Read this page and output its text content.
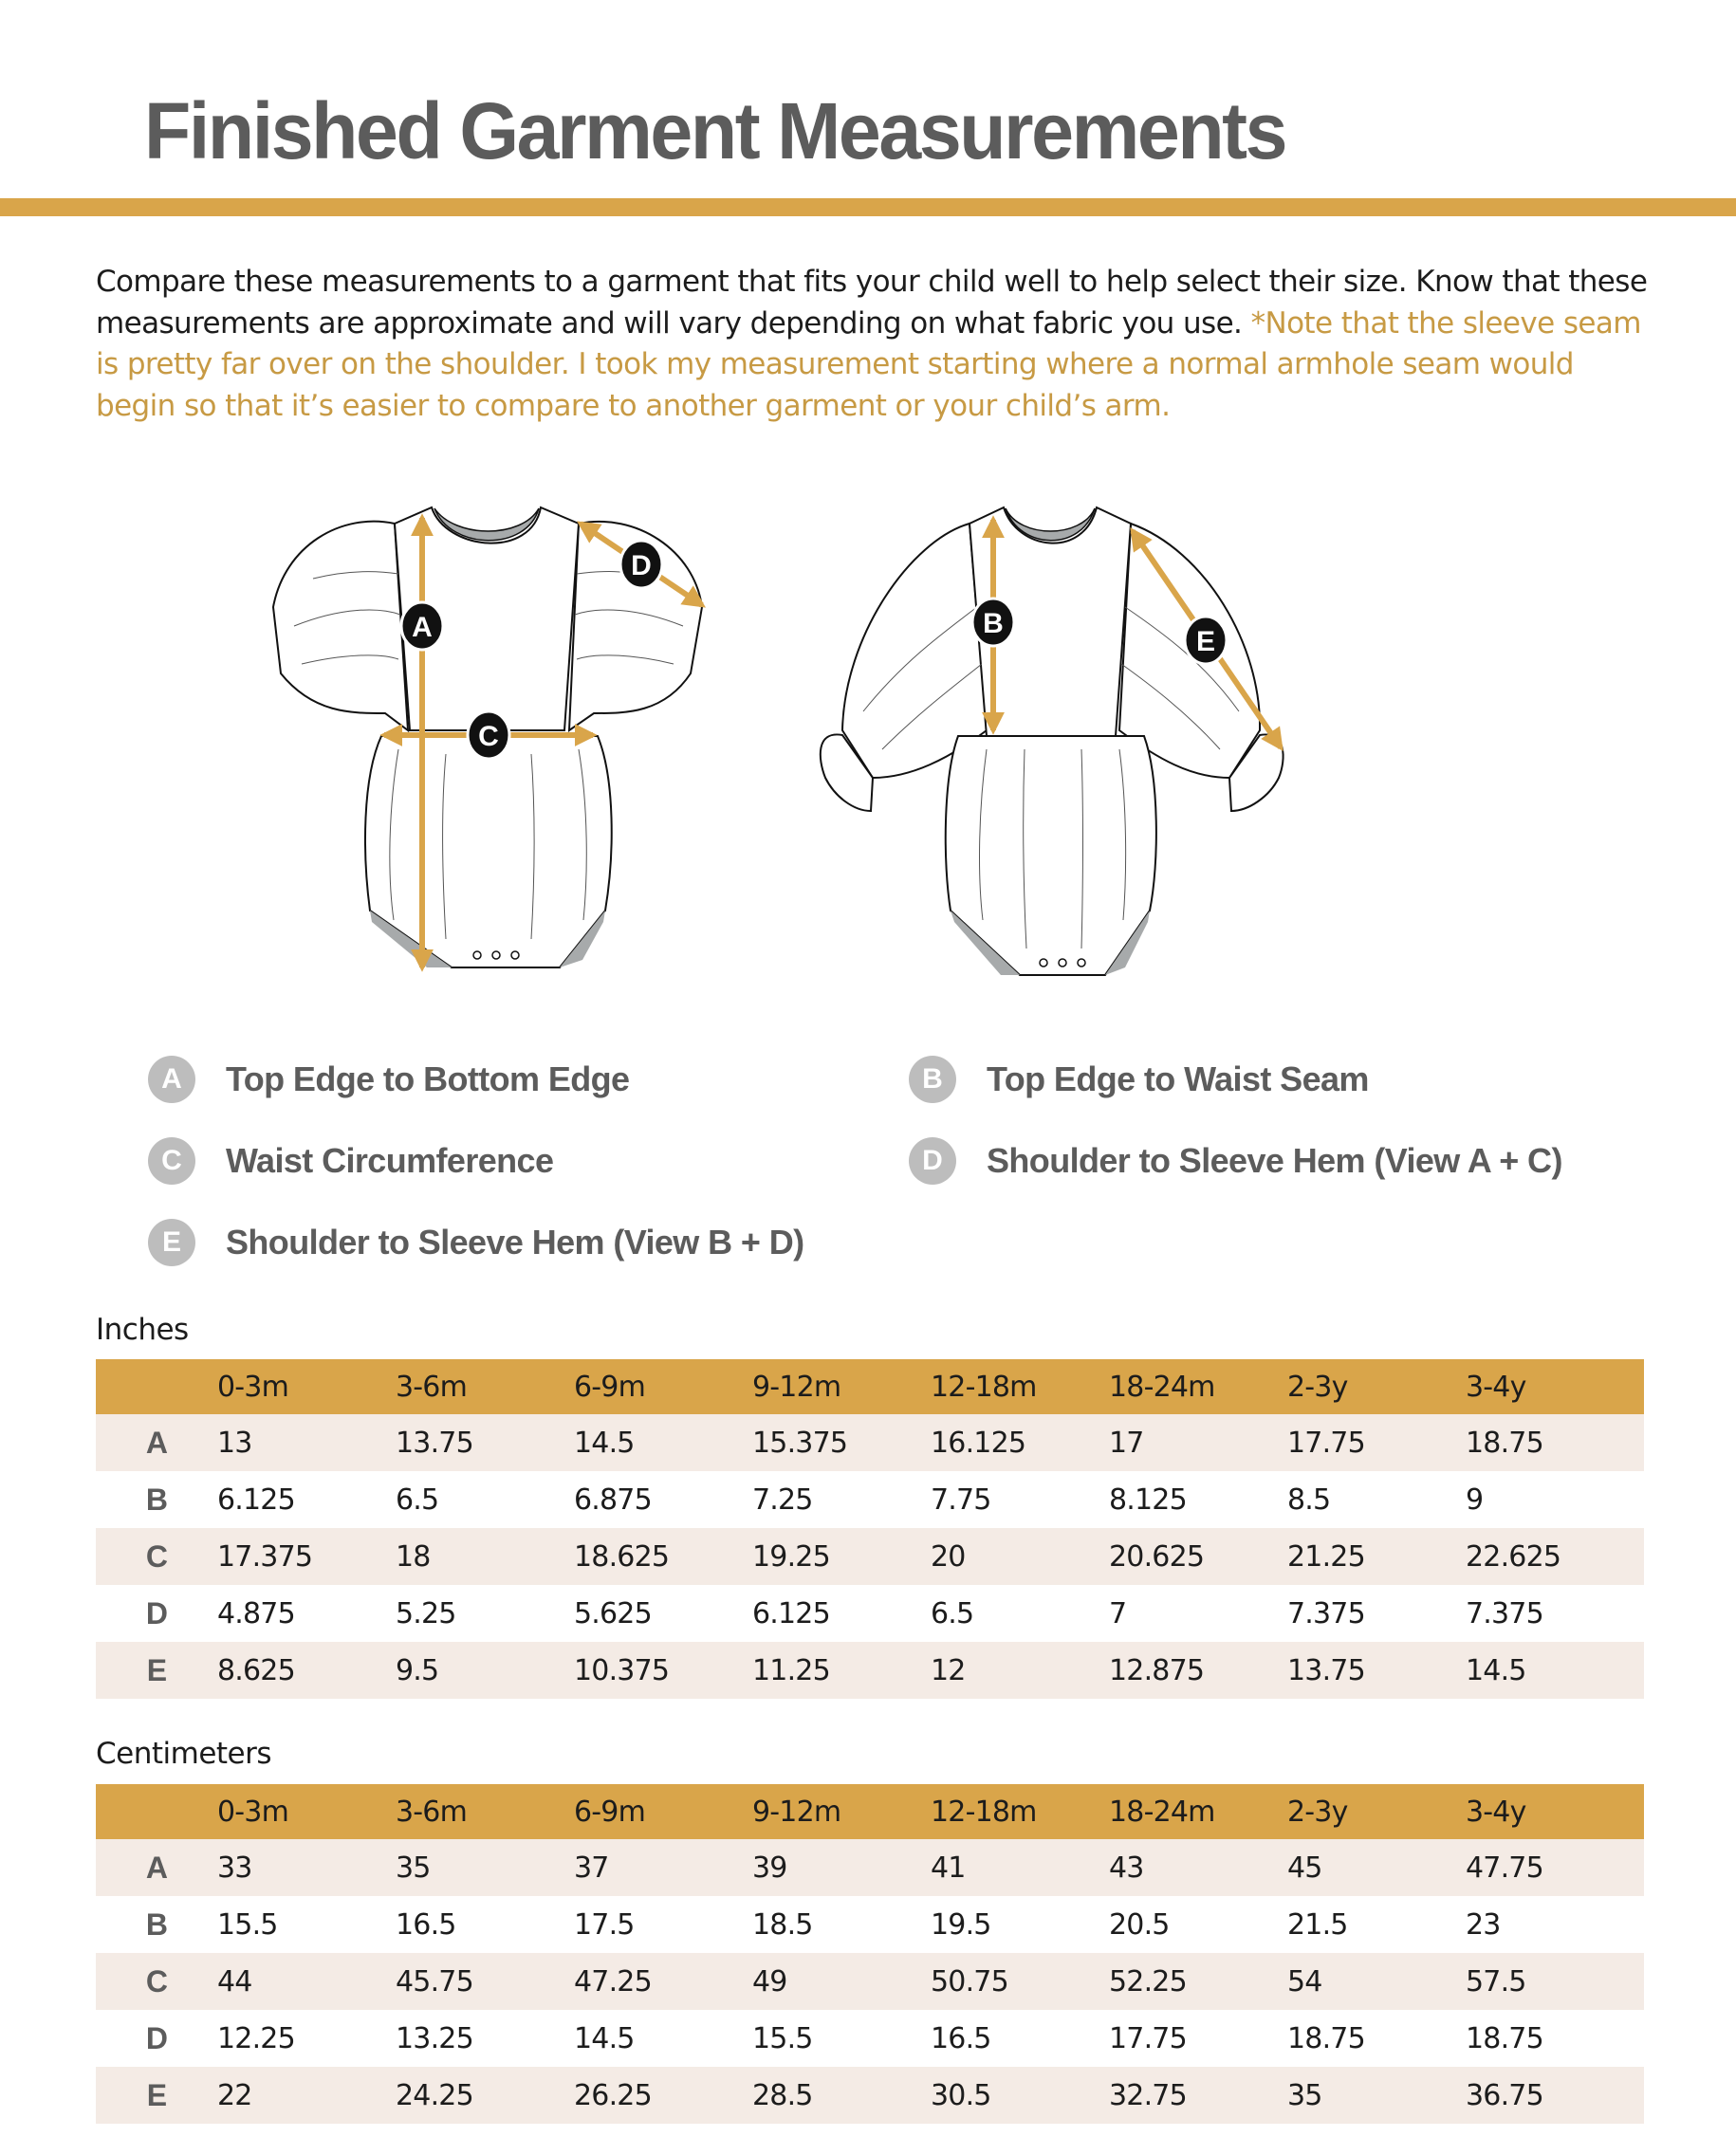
Finished Garment Measurements
Compare these measurements to a garment that fits your child well to help select their size. Know that these measurements are approximate and will vary depending on what fabric you use. *Note that the sleeve seam is pretty far over on the shoulder. I took my measurement starting where a normal armhole seam would begin so that it’s easier to compare to another garment or your child’s arm.
A
C
D
B
E
A	Top Edge to Bottom Edge	B	Top Edge to Waist Seam
C	Waist Circumference	D	Shoulder to Sleeve Hem (View A + C)
E	Shoulder to Sleeve Hem (View B + D)
Inches
	0-3m	3-6m	6-9m	9-12m	12-18m	18-24m	2-3y	3-4y
A	13	13.75	14.5	15.375	16.125	17	17.75	18.75
B	6.125	6.5	6.875	7.25	7.75	8.125	8.5	9
C	17.375	18	18.625	19.25	20	20.625	21.25	22.625
D	4.875	5.25	5.625	6.125	6.5	7	7.375	7.375
E	8.625	9.5	10.375	11.25	12	12.875	13.75	14.5
Centimeters
	0-3m	3-6m	6-9m	9-12m	12-18m	18-24m	2-3y	3-4y
A	33	35	37	39	41	43	45	47.75
B	15.5	16.5	17.5	18.5	19.5	20.5	21.5	23
C	44	45.75	47.25	49	50.75	52.25	54	57.5
D	12.25	13.25	14.5	15.5	16.5	17.75	18.75	18.75
E	22	24.25	26.25	28.5	30.5	32.75	35	36.75
